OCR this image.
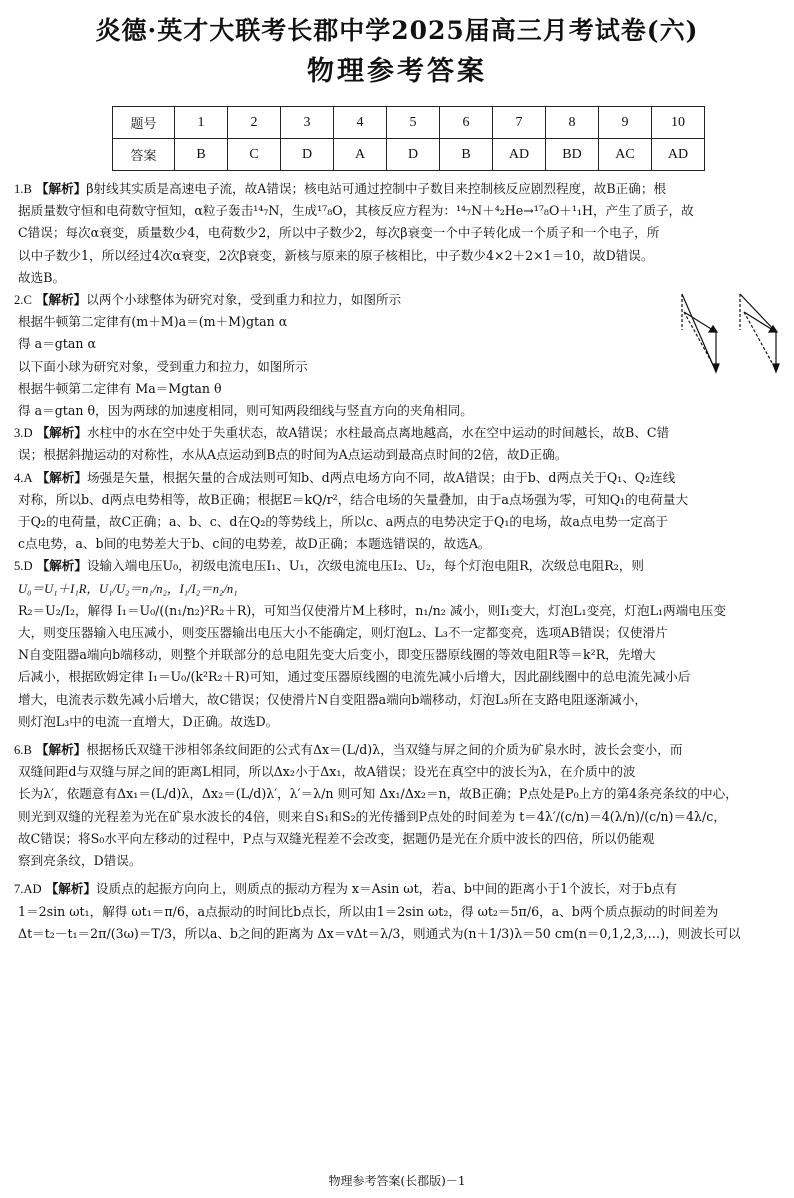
炎德·英才大联考长郡中学2025届高三月考试卷(六)
物理参考答案
题号	1	2	3	4	5	6	7	8	9	10
答案	B	C	D	A	D	B	AD	BD	AC	AD
1.B 【解析】β射线其实质是高速电子流，故A错误；核电站可通过控制中子数目来控制核反应剧烈程度，故B正确；根
据质量数守恒和电荷数守恒知，α粒子轰击¹⁴₇N，生成¹⁷₈O，其核反应方程为：¹⁴₇N＋⁴₂He→¹⁷₈O＋¹₁H，产生了质子，故
C错误；每次α衰变，质量数少4，电荷数少2，所以中子数少2，每次β衰变一个中子转化成一个质子和一个电子，所
以中子数少1，所以经过4次α衰变，2次β衰变，新核与原来的原子核相比，中子数少4×2＋2×1＝10，故D错误。
故选B。
2.C 【解析】以两个小球整体为研究对象，受到重力和拉力，如图所示
根据牛顿第二定律有(m＋M)a＝(m＋M)gtan α
得 a＝gtan α
以下面小球为研究对象，受到重力和拉力，如图所示
根据牛顿第二定律有 Ma＝Mgtan θ
得 a＝gtan θ，因为两球的加速度相同，则可知两段细线与竖直方向的夹角相同。
3.D 【解析】水柱中的水在空中处于失重状态，故A错误；水柱最高点离地越高，水在空中运动的时间越长，故B、C错
误；根据斜抛运动的对称性，水从A点运动到B点的时间为A点运动到最高点时间的2倍，故D正确。
4.A 【解析】场强是矢量，根据矢量的合成法则可知b、d两点电场方向不同，故A错误；由于b、d两点关于Q₁、Q₂连线
对称，所以b、d两点电势相等，故B正确；根据E＝kQ/r²，结合电场的矢量叠加，由于a点场强为零，可知Q₁的电荷量大
于Q₂的电荷量，故C正确；a、b、c、d在Q₂的等势线上，所以c、a两点的电势决定于Q₁的电场，故a点电势一定高于
c点电势，a、b间的电势差大于b、c间的电势差，故D正确；本题选错误的，故选A。
5.D 【解析】设输入端电压U₀，初级电流电压I₁、U₁，次级电流电压I₂、U₂，每个灯泡电阻R，次级总电阻R₂，则
U₀＝U₁＋I₁R，U₁/U₂＝n₁/n₂，I₁/I₂＝n₂/n₁
R₂＝U₂/I₂，解得 I₁＝U₀/((n₁/n₂)²R₂＋R)，可知当仅使滑片M上移时，n₁/n₂ 减小，则I₁变大，灯泡L₁变亮，灯泡L₁两端电压变
大，则变压器输入电压减小，则变压器输出电压大小不能确定，则灯泡L₂、L₃不一定都变亮，选项AB错误；仅使滑片
N自变阻器a端向b端移动，则整个并联部分的总电阻先变大后变小，即变压器原线圈的等效电阻R等＝k²R，先增大
后减小，根据欧姆定律 I₁＝U₀/(k²R₂＋R)可知，通过变压器原线圈的电流先减小后增大，因此副线圈中的总电流先减小后
增大，电流表示数先减小后增大，故C错误；仅使滑片N自变阻器a端向b端移动，灯泡L₃所在支路电阻逐渐减小，
则灯泡L₃中的电流一直增大，D正确。故选D。
6.B 【解析】根据杨氏双缝干涉相邻条纹间距的公式有Δx＝(L/d)λ，当双缝与屏之间的介质为矿泉水时，波长会变小，而
双缝间距d与双缝与屏之间的距离L相同，所以Δx₂小于Δx₁，故A错误；设光在真空中的波长为λ，在介质中的波
长为λ′，依题意有Δx₁＝(L/d)λ，Δx₂＝(L/d)λ′，λ′＝λ/n 则可知 Δx₁/Δx₂＝n，故B正确；P点处是P₀上方的第4条亮条纹的中心，
则光到双缝的光程差为光在矿泉水波长的4倍，则来自S₁和S₂的光传播到P点处的时间差为 t＝4λ′/(c/n)＝4(λ/n)/(c/n)＝4λ/c，
故C错误；将S₀水平向左移动的过程中，P点与双缝光程差不会改变，据题仍是光在介质中波长的四倍，所以仍能观
察到亮条纹，D错误。
7.AD 【解析】设质点的起振方向向上，则质点的振动方程为 x＝Asin ωt，若a、b中间的距离小于1个波长，对于b点有
1＝2sin ωt₁，解得 ωt₁＝π/6，a点振动的时间比b点长，所以由1＝2sin ωt₂，得 ωt₂＝5π/6，a、b两个质点振动的时间差为
Δt＝t₂－t₁＝2π/(3ω)＝T/3，所以a、b之间的距离为 Δx＝vΔt＝λ/3，则通式为(n＋1/3)λ＝50 cm(n＝0,1,2,3,…)，则波长可以
物理参考答案(长郡版)－1
